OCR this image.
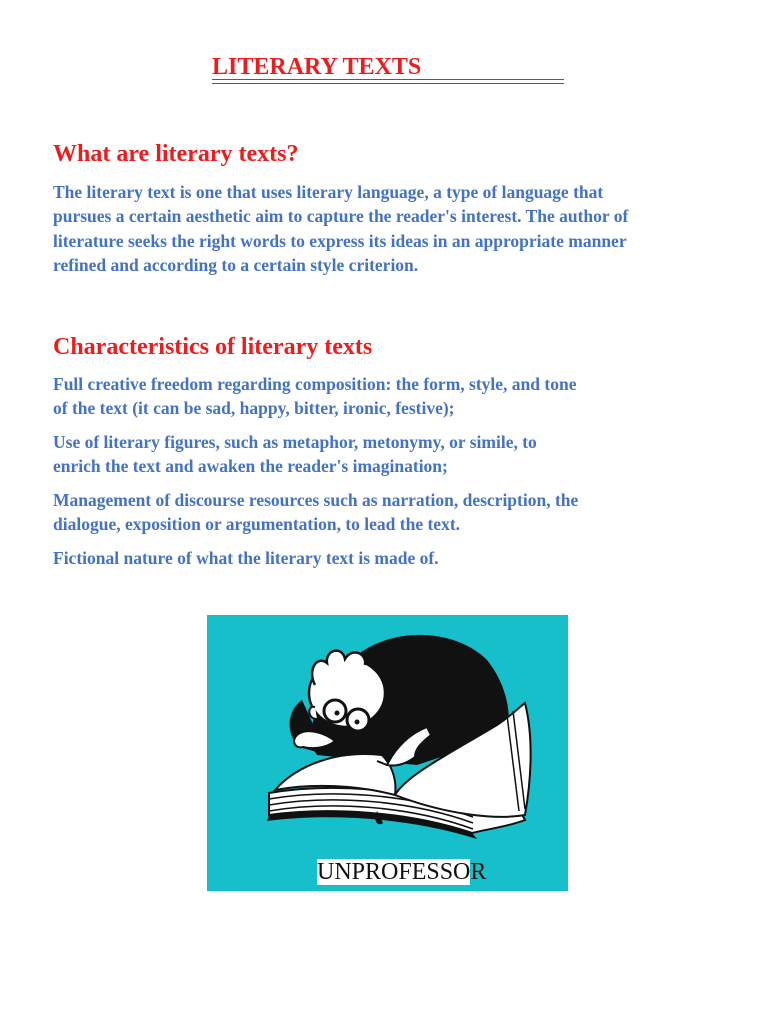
LITERARY TEXTS
What are literary texts?
The literary text is one that uses literary language, a type of language that
pursues a certain aesthetic aim to capture the reader's interest. The author of
literature seeks the right words to express its ideas in an appropriate manner
refined and according to a certain style criterion.
Characteristics of literary texts
Full creative freedom regarding composition: the form, style, and tone
of the text (it can be sad, happy, bitter, ironic, festive);
Use of literary figures, such as metaphor, metonymy, or simile, to
enrich the text and awaken the reader's imagination;
Management of discourse resources such as narration, description, the
dialogue, exposition or argumentation, to lead the text.
Fictional nature of what the literary text is made of.
UNPROFESSOR
